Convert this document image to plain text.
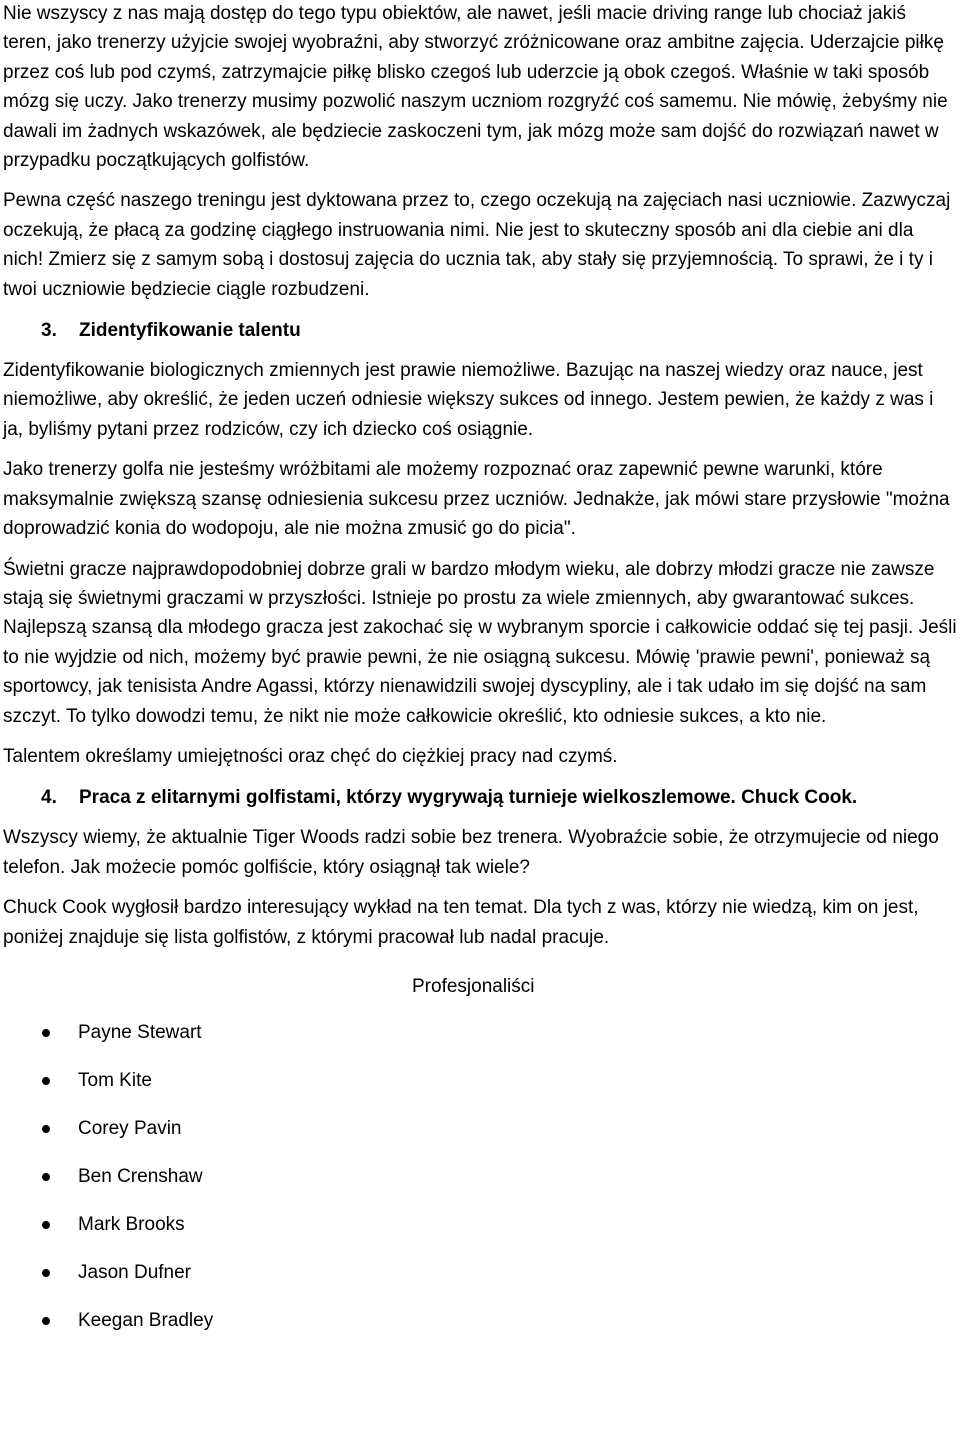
Nie wszyscy z nas mają dostęp do tego typu obiektów, ale nawet, jeśli macie driving range lub chociaż jakiś teren, jako trenerzy użyjcie swojej wyobraźni, aby stworzyć zróżnicowane oraz ambitne zajęcia. Uderzajcie piłkę przez coś lub pod czymś, zatrzymajcie piłkę blisko czegoś lub uderzcie ją obok czegoś. Właśnie w taki sposób mózg się uczy. Jako trenerzy musimy pozwolić naszym uczniom rozgryźć coś samemu. Nie mówię, żebyśmy nie dawali im żadnych wskazówek, ale będziecie zaskoczeni tym, jak mózg może sam dojść do rozwiązań nawet w przypadku początkujących golfistów.

Pewna część naszego treningu jest dyktowana przez to, czego oczekują na zajęciach nasi uczniowie. Zazwyczaj oczekują, że płacą za godzinę ciągłego instruowania nimi. Nie jest to skuteczny sposób ani dla ciebie ani dla nich! Zmierz się z samym sobą i dostosuj zajęcia do ucznia tak, aby stały się przyjemnością. To sprawi, że i ty i twoi uczniowie będziecie ciągle rozbudzeni.

3.	Zidentyfikowanie talentu

Zidentyfikowanie biologicznych zmiennych jest prawie niemożliwe. Bazując na naszej wiedzy oraz nauce, jest niemożliwe, aby określić, że jeden uczeń odniesie większy sukces od innego. Jestem pewien, że każdy z was i ja, byliśmy pytani przez rodziców, czy ich dziecko coś osiągnie.

Jako trenerzy golfa nie jesteśmy wróżbitami ale możemy rozpoznać oraz zapewnić pewne warunki, które maksymalnie zwiększą szansę odniesienia sukcesu przez uczniów. Jednakże, jak mówi stare przysłowie "można doprowadzić konia do wodopoju, ale nie można zmusić go do picia".

Świetni gracze najprawdopodobniej dobrze grali w bardzo młodym wieku, ale dobrzy młodzi gracze nie zawsze stają się świetnymi graczami w przyszłości. Istnieje po prostu za wiele zmiennych, aby gwarantować sukces. Najlepszą szansą dla młodego gracza jest zakochać się w wybranym sporcie i całkowicie oddać się tej pasji. Jeśli to nie wyjdzie od nich, możemy być prawie pewni, że nie osiągną sukcesu. Mówię 'prawie pewni', ponieważ są sportowcy, jak tenisista Andre Agassi, którzy nienawidzili swojej dyscypliny, ale i tak udało im się dojść na sam szczyt. To tylko dowodzi temu, że nikt nie może całkowicie określić, kto odniesie sukces, a kto nie.

Talentem określamy umiejętności oraz chęć do ciężkiej pracy nad czymś.

4.	Praca z elitarnymi golfistami, którzy wygrywają turnieje wielkoszlemowe. Chuck Cook.

Wszyscy wiemy, że aktualnie Tiger Woods radzi sobie bez trenera. Wyobraźcie sobie, że otrzymujecie od niego telefon. Jak możecie pomóc golfiście, który osiągnął tak wiele?

Chuck Cook wygłosił bardzo interesujący wykład na ten temat. Dla tych z was, którzy nie wiedzą, kim on jest, poniżej znajduje się lista golfistów, z którymi pracował lub nadal pracuje.

Profesjonaliści
Payne Stewart
Tom Kite
Corey Pavin
Ben Crenshaw
Mark Brooks
Jason Dufner
Keegan Bradley
